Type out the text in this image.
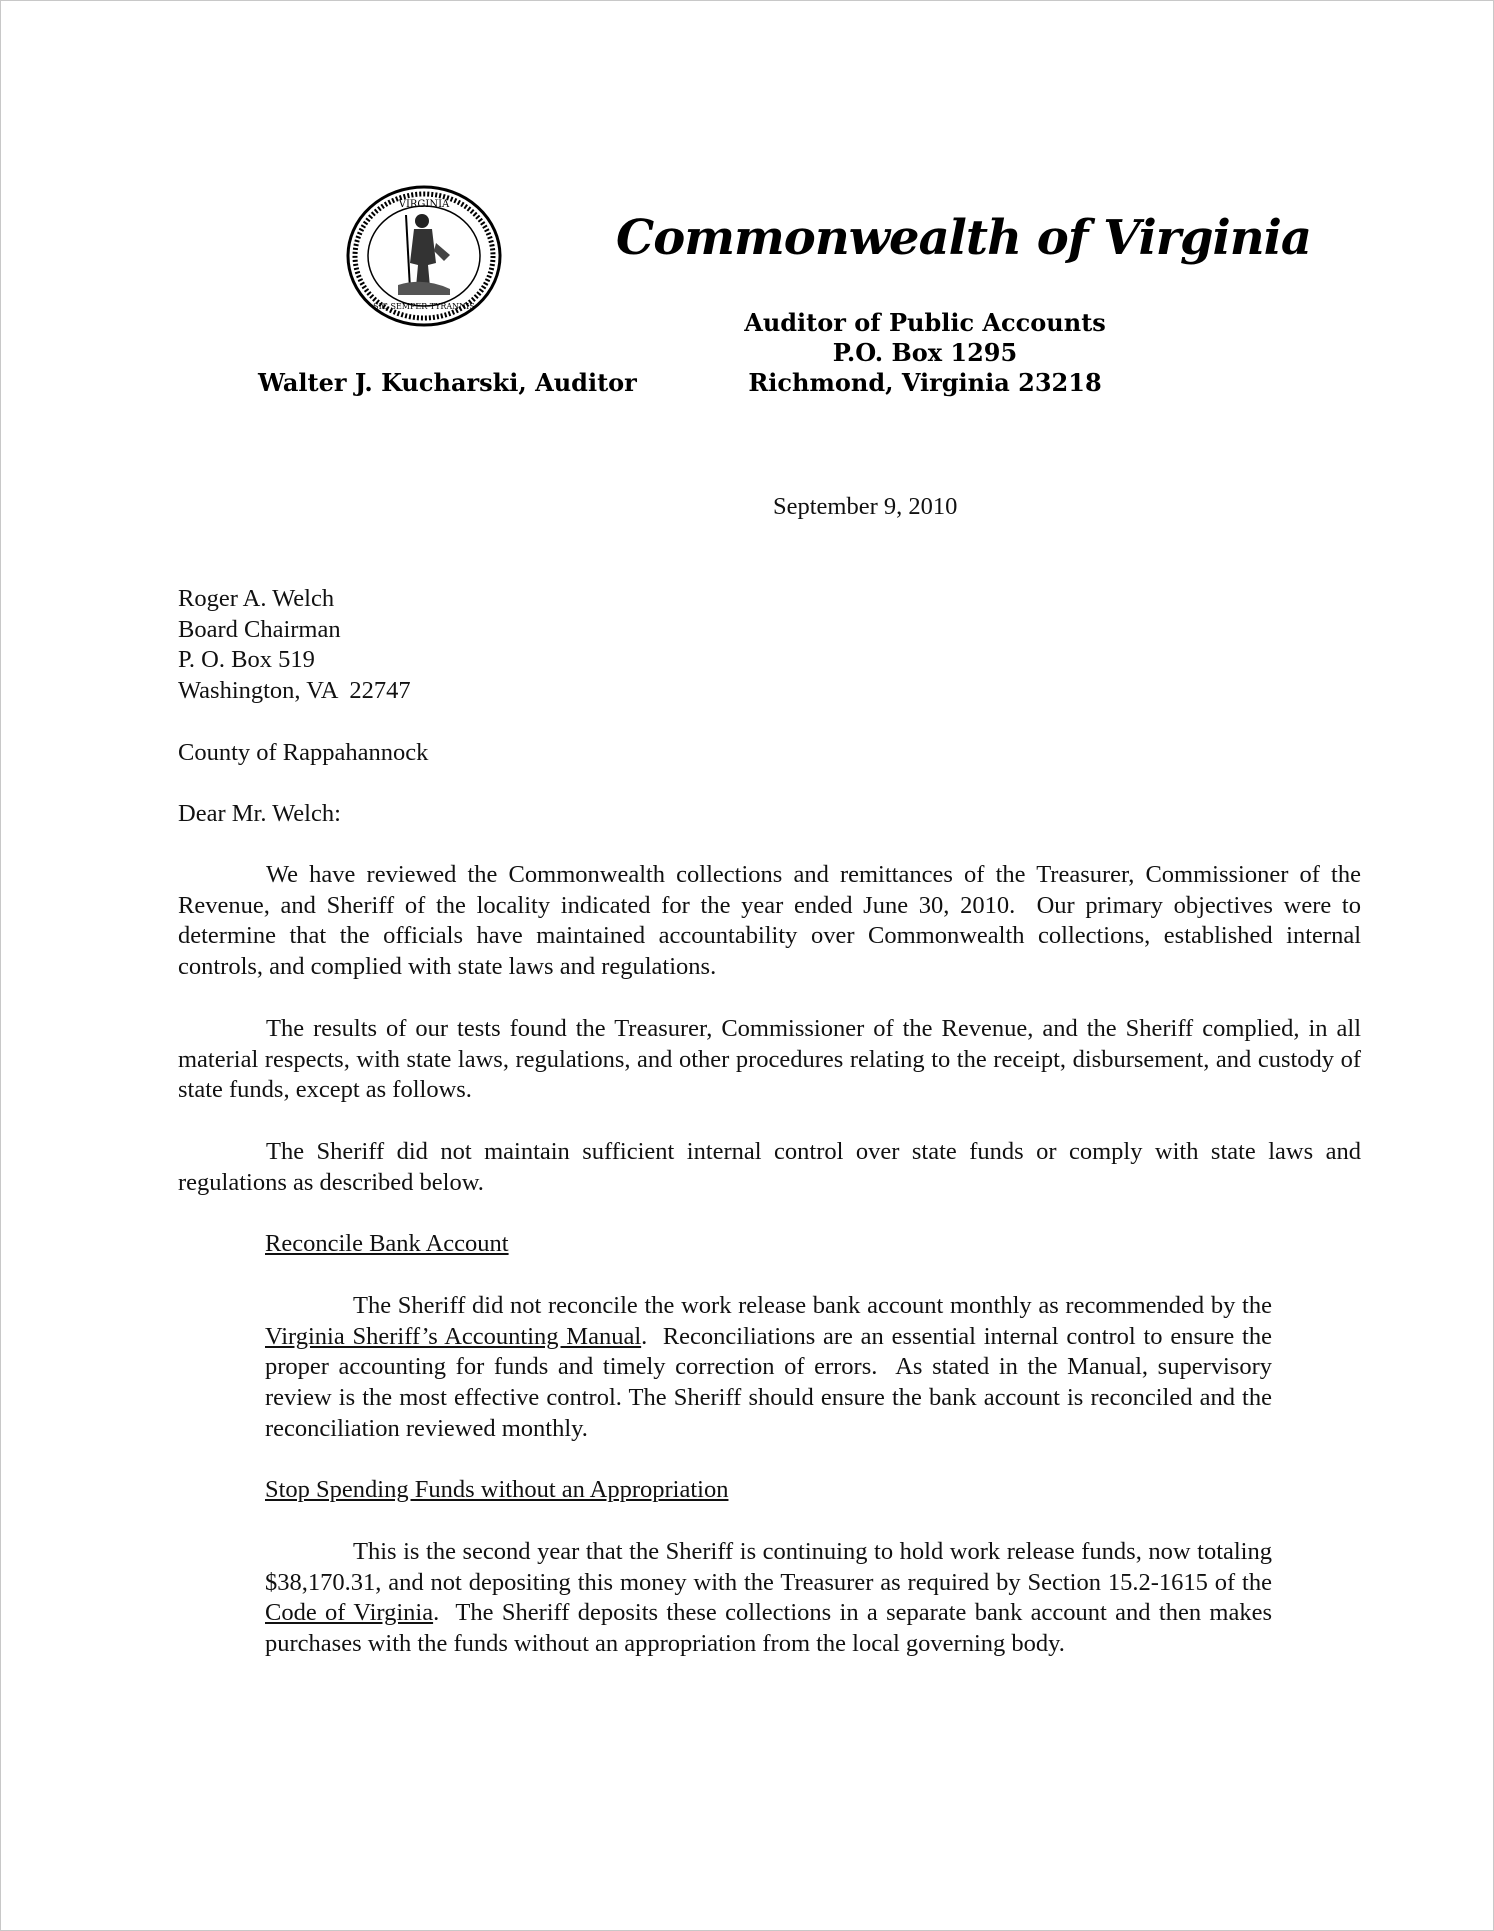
VIRGINIA
SIC SEMPER TYRANNIS
Commonwealth of Virginia
Auditor of Public Accounts
P.O. Box 1295
Richmond, Virginia 23218
Walter J. Kucharski, Auditor
September 9, 2010
Roger A. Welch
Board Chairman
P. O. Box 519
Washington, VA  22747
County of Rappahannock
Dear Mr. Welch:

We have reviewed the Commonwealth collections and remittances of the Treasurer, Commissioner of the Revenue, and Sheriff of the locality indicated for the year ended June 30, 2010.  Our primary objectives were to determine that the officials have maintained accountability over Commonwealth collections, established internal controls, and complied with state laws and regulations.

The results of our tests found the Treasurer, Commissioner of the Revenue, and the Sheriff complied, in all material respects, with state laws, regulations, and other procedures relating to the receipt, disbursement, and custody of state funds, except as follows.

The Sheriff did not maintain sufficient internal control over state funds or comply with state laws and regulations as described below.

Reconcile Bank Account

The Sheriff did not reconcile the work release bank account monthly as recommended by the Virginia Sheriff’s Accounting Manual.  Reconciliations are an essential internal control to ensure the proper accounting for funds and timely correction of errors.  As stated in the Manual, supervisory review is the most effective control. The Sheriff should ensure the bank account is reconciled and the reconciliation reviewed monthly.

Stop Spending Funds without an Appropriation

This is the second year that the Sheriff is continuing to hold work release funds, now totaling $38,170.31, and not depositing this money with the Treasurer as required by Section 15.2-1615 of the Code of Virginia.  The Sheriff deposits these collections in a separate bank account and then makes purchases with the funds without an appropriation from the local governing body.
